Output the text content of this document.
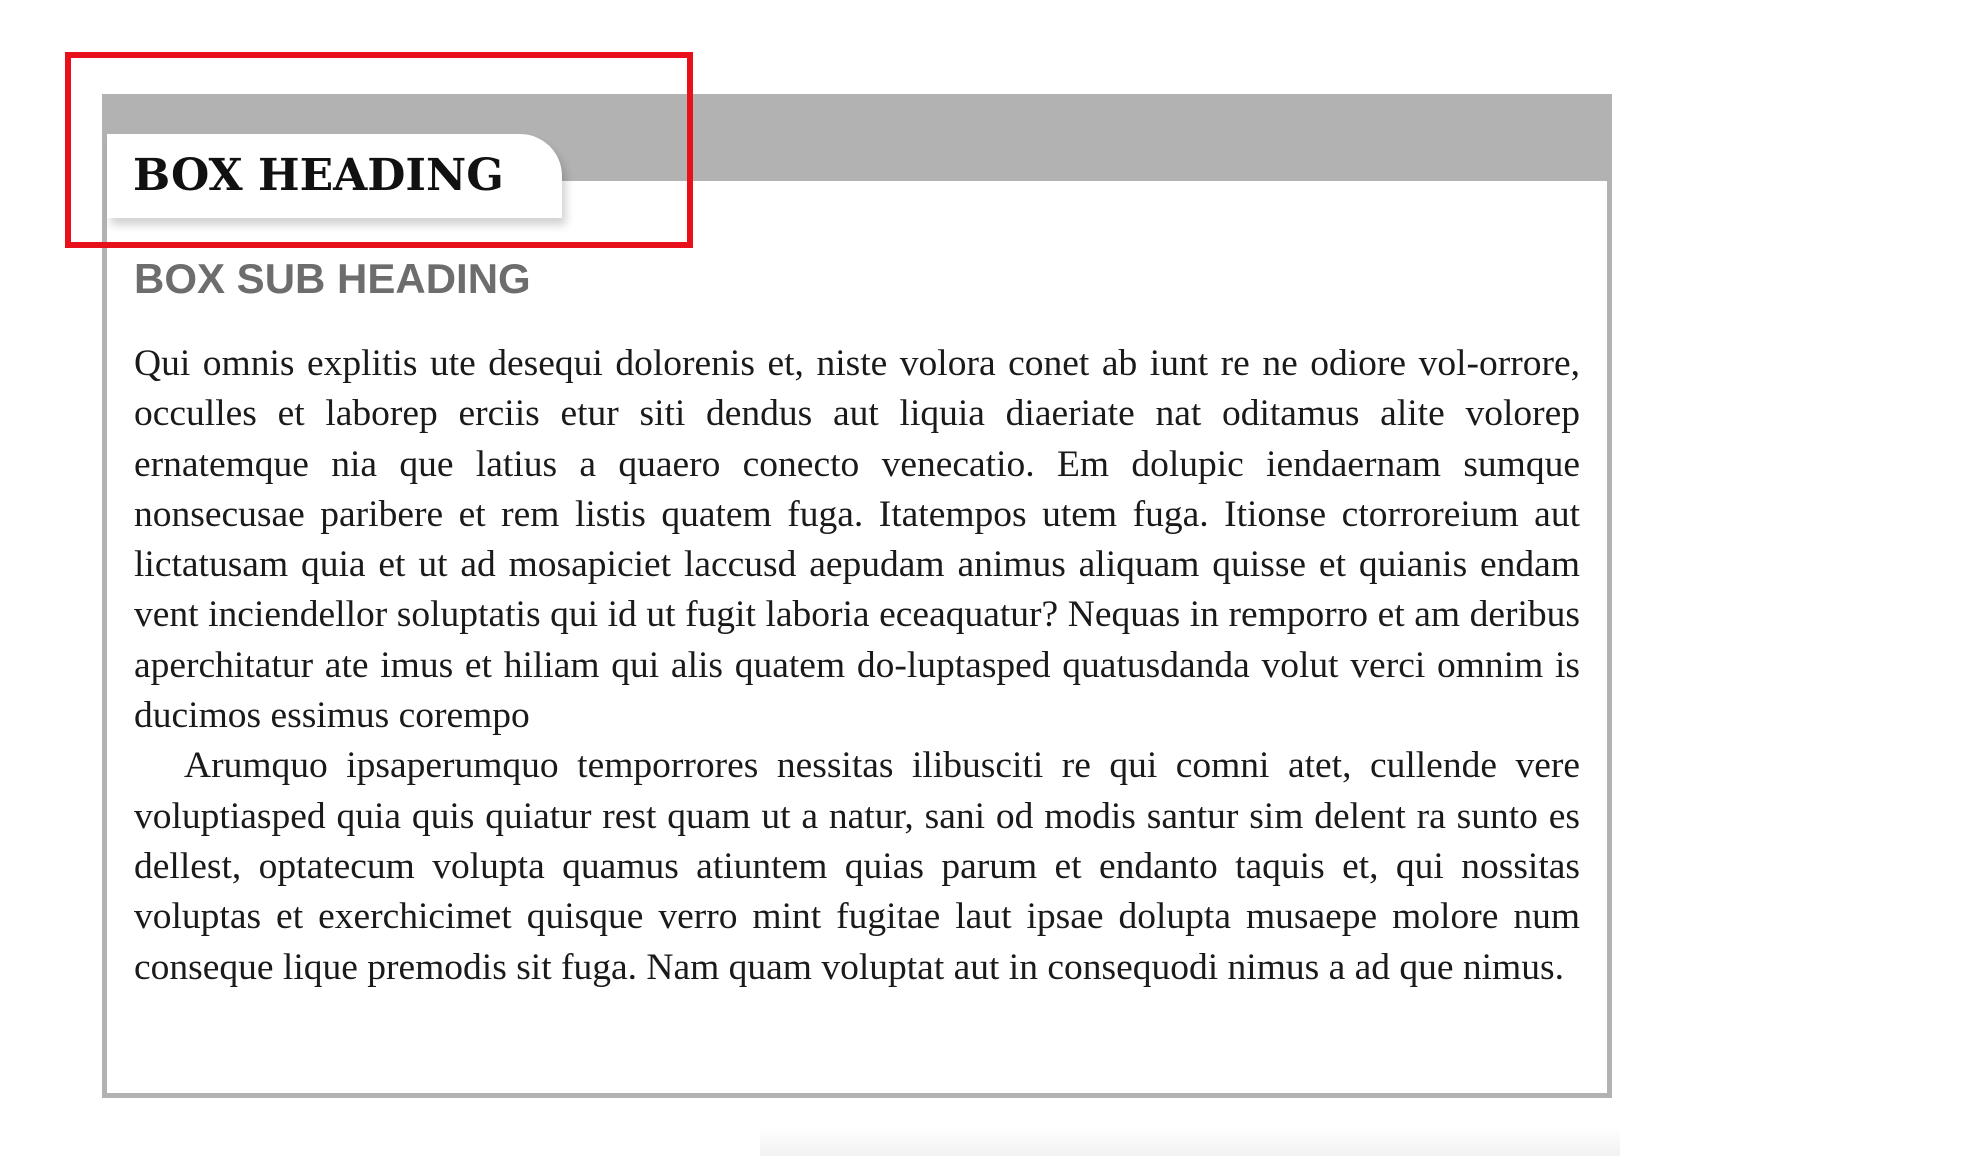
BOX HEADING
BOX SUB HEADING

Qui omnis explitis ute desequi dolorenis et, niste volora conet ab iunt re ne odiore vol-orrore, occulles et laborep erciis etur siti dendus aut liquia diaeriate nat oditamus alite volorep ernatemque nia que latius a quaero conecto venecatio. Em dolupic iendaernam sumque nonsecusae paribere et rem listis quatem fuga. Itatempos utem fuga. Itionse ctorroreium aut lictatusam quia et ut ad mosapiciet laccusd aepudam animus aliquam quisse et quianis endam vent inciendellor soluptatis qui id ut fugit laboria eceaquatur? Nequas in remporro et am deribus aperchitatur ate imus et hiliam qui alis quatem do-luptasped quatusdanda volut verci omnim is ducimos essimus corempo

Arumquo ipsaperumquo temporrores nessitas ilibusciti re qui comni atet, cullende vere voluptiasped quia quis quiatur rest quam ut a natur, sani od modis santur sim delent ra sunto es dellest, optatecum volupta quamus atiuntem quias parum et endanto taquis et, qui nossitas voluptas et exerchicimet quisque verro mint fugitae laut ipsae dolupta musaepe molore num conseque lique premodis sit fuga. Nam quam voluptat aut in consequodi nimus a ad que nimus.
